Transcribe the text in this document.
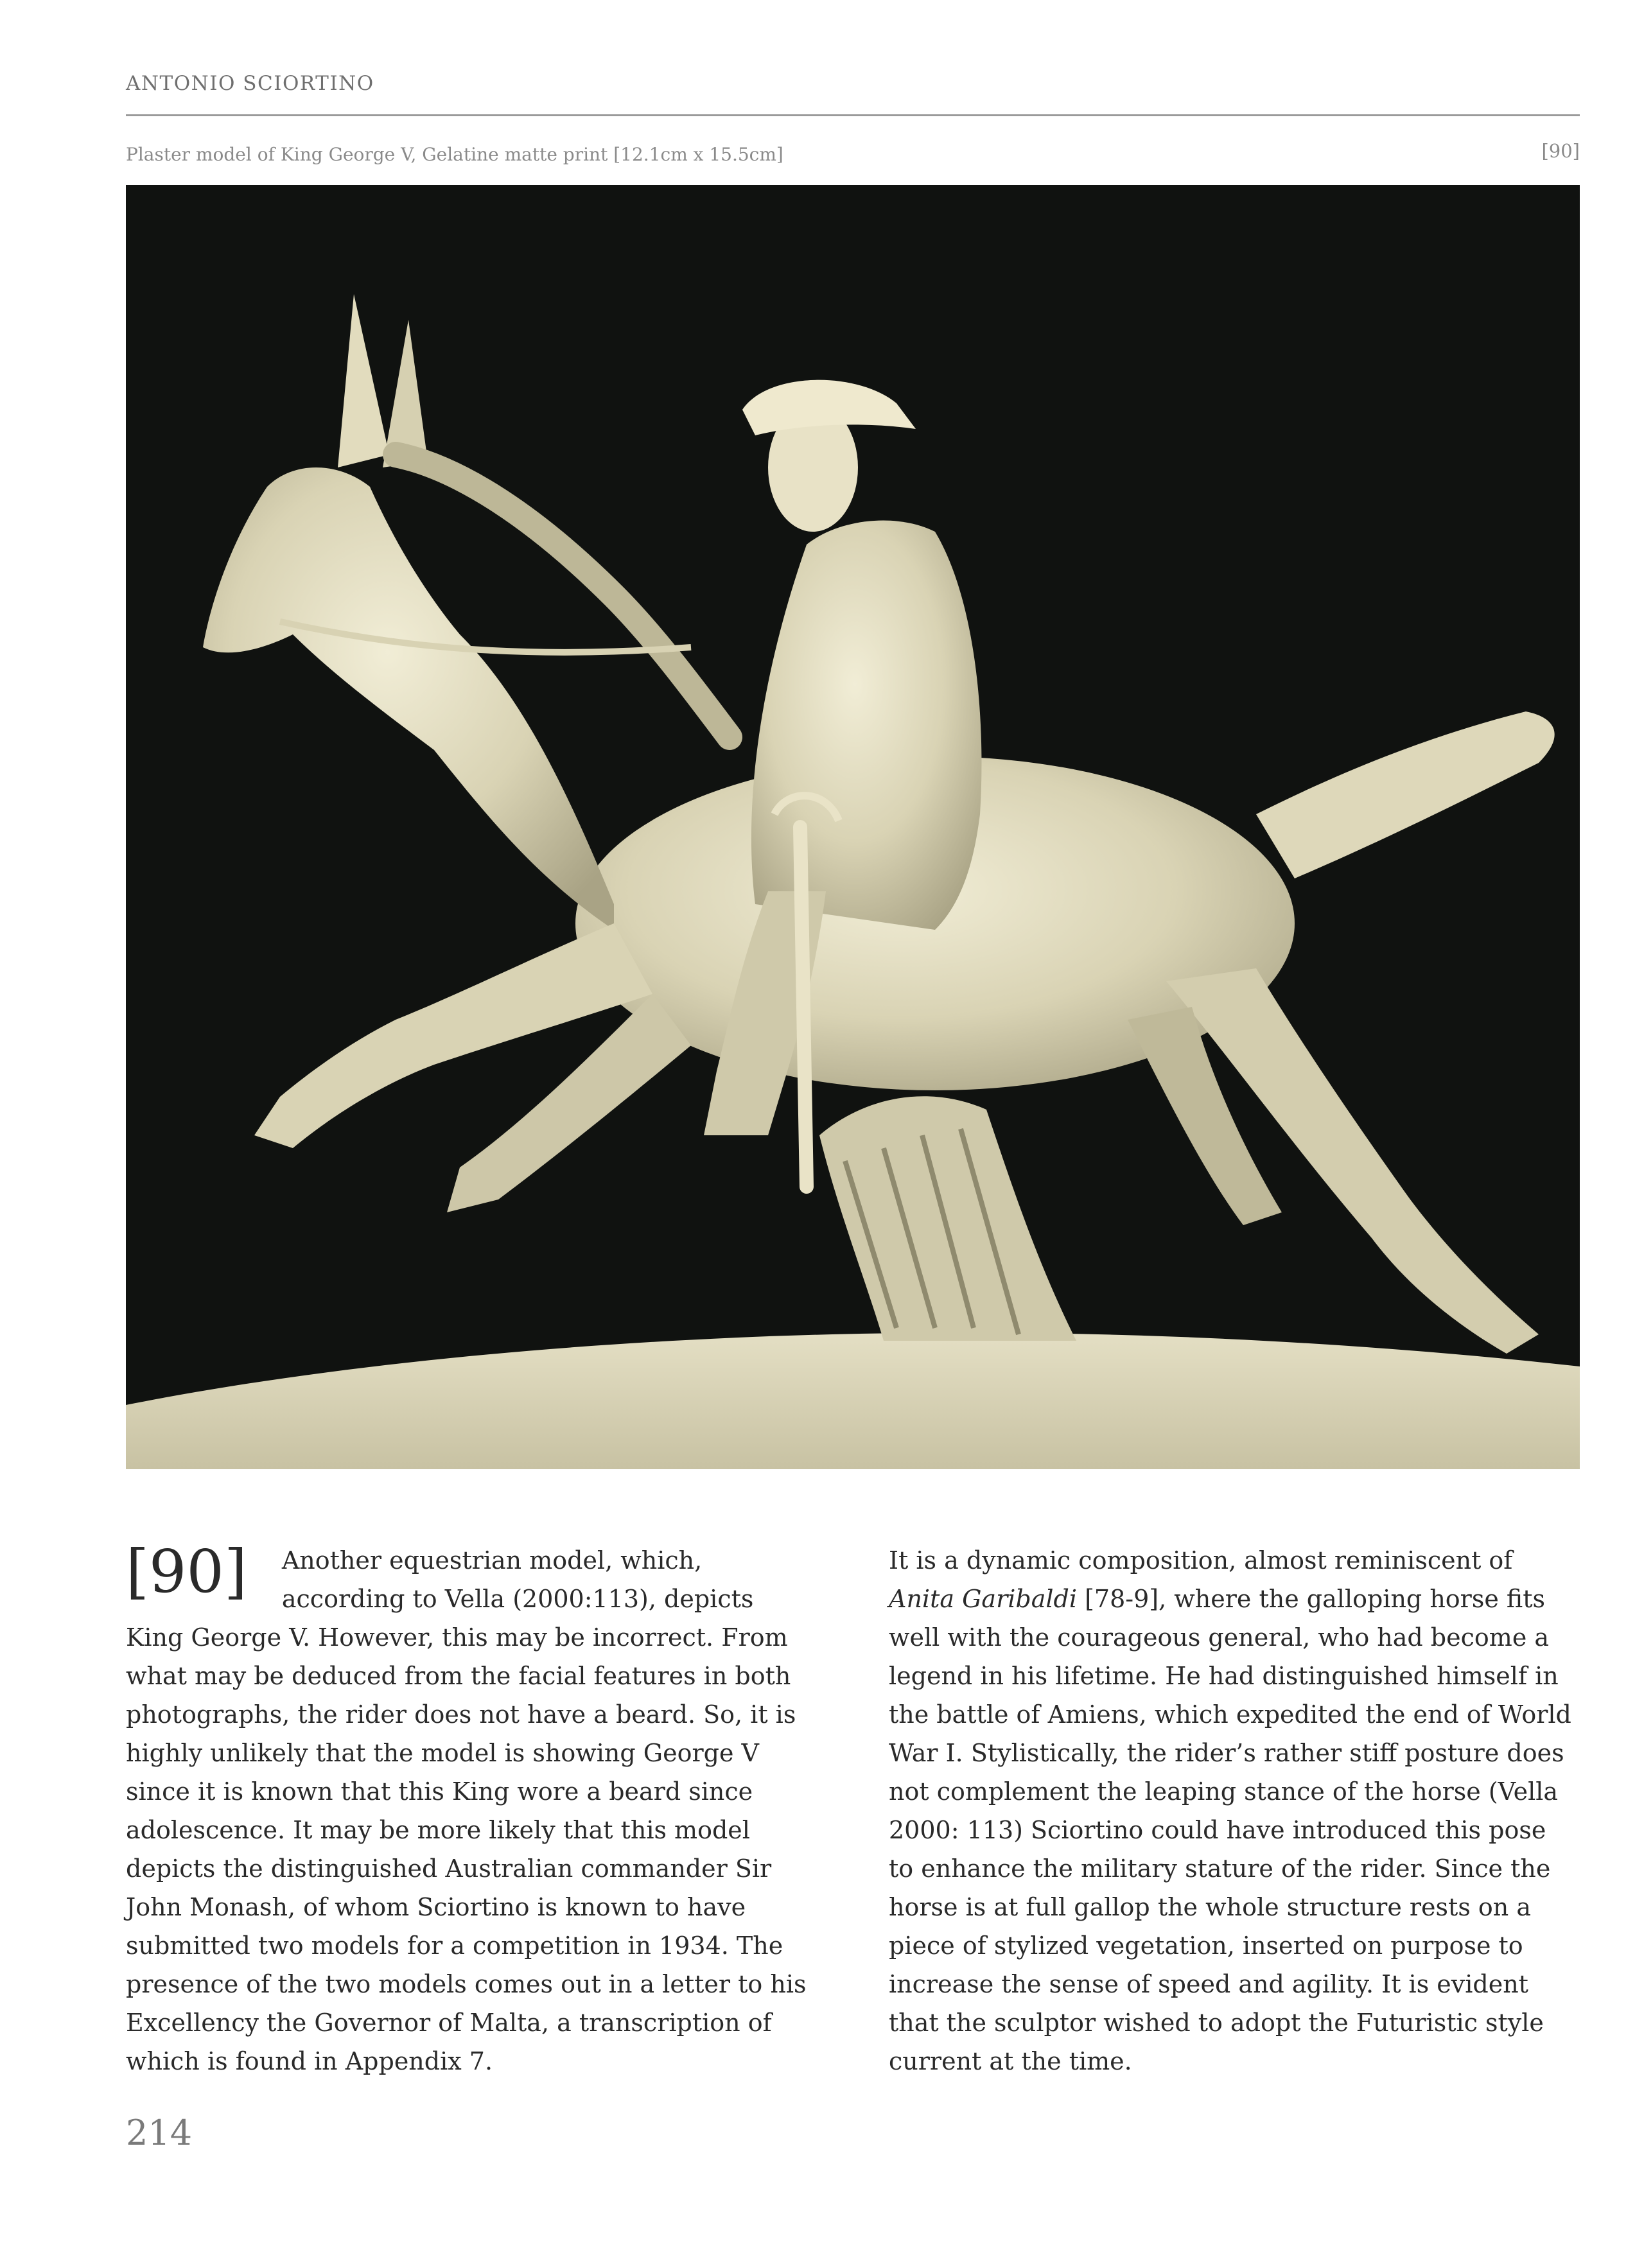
ANTONIO SCIORTINO
Plaster model of King George V, Gelatine matte print [12.1cm x 15.5cm]	[90]
[90] Another equestrian model, which, according to Vella (2000:113), depicts King George V. However, this may be incorrect. From what may be deduced from the facial features in both photographs, the rider does not have a beard. So, it is highly unlikely that the model is showing George V since it is known that this King wore a beard since adolescence. It may be more likely that this model depicts the distinguished Australian commander Sir John Monash, of whom Sciortino is known to have submitted two models for a competition in 1934. The presence of the two models comes out in a letter to his Excellency the Governor of Malta, a transcription of which is found in Appendix 7.
It is a dynamic composition, almost reminiscent of Anita Garibaldi [78-9], where the galloping horse fits well with the courageous general, who had become a legend in his lifetime. He had distinguished himself in the battle of Amiens, which expedited the end of World War I. Stylistically, the rider’s rather stiff posture does not complement the leaping stance of the horse (Vella 2000: 113) Sciortino could have introduced this pose to enhance the military stature of the rider. Since the horse is at full gallop the whole structure rests on a piece of stylized vegetation, inserted on purpose to increase the sense of speed and agility. It is evident that the sculptor wished to adopt the Futuristic style current at the time.
214
